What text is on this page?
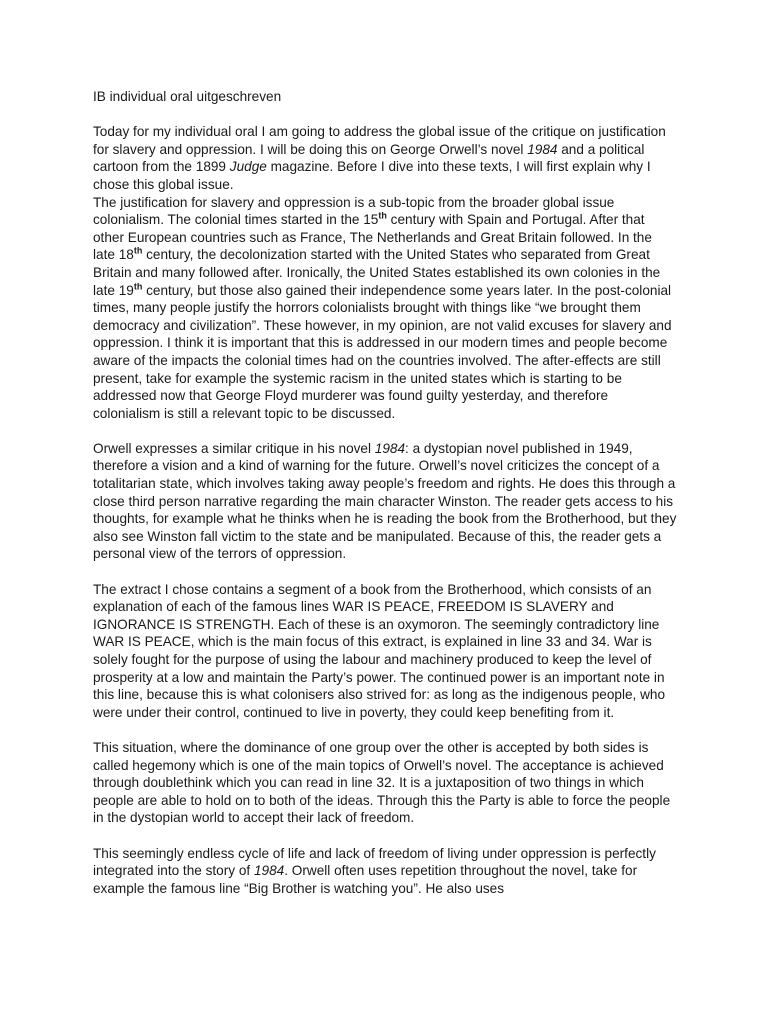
IB individual oral uitgeschreven

Today for my individual oral I am going to address the global issue of the critique on justification for slavery and oppression. I will be doing this on George Orwell’s novel 1984 and a political cartoon from the 1899 Judge magazine. Before I dive into these texts, I will first explain why I chose this global issue.

The justification for slavery and oppression is a sub-topic from the broader global issue colonialism. The colonial times started in the 15th century with Spain and Portugal. After that other European countries such as France, The Netherlands and Great Britain followed. In the late 18th century, the decolonization started with the United States who separated from Great Britain and many followed after. Ironically, the United States established its own colonies in the late 19th century, but those also gained their independence some years later. In the post-colonial times, many people justify the horrors colonialists brought with things like “we brought them democracy and civilization”. These however, in my opinion, are not valid excuses for slavery and oppression. I think it is important that this is addressed in our modern times and people become aware of the impacts the colonial times had on the countries involved. The after-effects are still present, take for example the systemic racism in the united states which is starting to be addressed now that George Floyd murderer was found guilty yesterday, and therefore colonialism is still a relevant topic to be discussed.

Orwell expresses a similar critique in his novel 1984: a dystopian novel published in 1949, therefore a vision and a kind of warning for the future. Orwell’s novel criticizes the concept of a totalitarian state, which involves taking away people’s freedom and rights. He does this through a close third person narrative regarding the main character Winston. The reader gets access to his thoughts, for example what he thinks when he is reading the book from the Brotherhood, but they also see Winston fall victim to the state and be manipulated. Because of this, the reader gets a personal view of the terrors of oppression.

The extract I chose contains a segment of a book from the Brotherhood, which consists of an explanation of each of the famous lines WAR IS PEACE, FREEDOM IS SLAVERY and IGNORANCE IS STRENGTH. Each of these is an oxymoron. The seemingly contradictory line WAR IS PEACE, which is the main focus of this extract, is explained in line 33 and 34. War is solely fought for the purpose of using the labour and machinery produced to keep the level of prosperity at a low and maintain the Party’s power. The continued power is an important note in this line, because this is what colonisers also strived for: as long as the indigenous people, who were under their control, continued to live in poverty, they could keep benefiting from it.

This situation, where the dominance of one group over the other is accepted by both sides is called hegemony which is one of the main topics of Orwell’s novel. The acceptance is achieved through doublethink which you can read in line 32. It is a juxtaposition of two things in which people are able to hold on to both of the ideas. Through this the Party is able to force the people in the dystopian world to accept their lack of freedom.

This seemingly endless cycle of life and lack of freedom of living under oppression is perfectly integrated into the story of 1984. Orwell often uses repetition throughout the novel, take for example the famous line “Big Brother is watching you”. He also uses
